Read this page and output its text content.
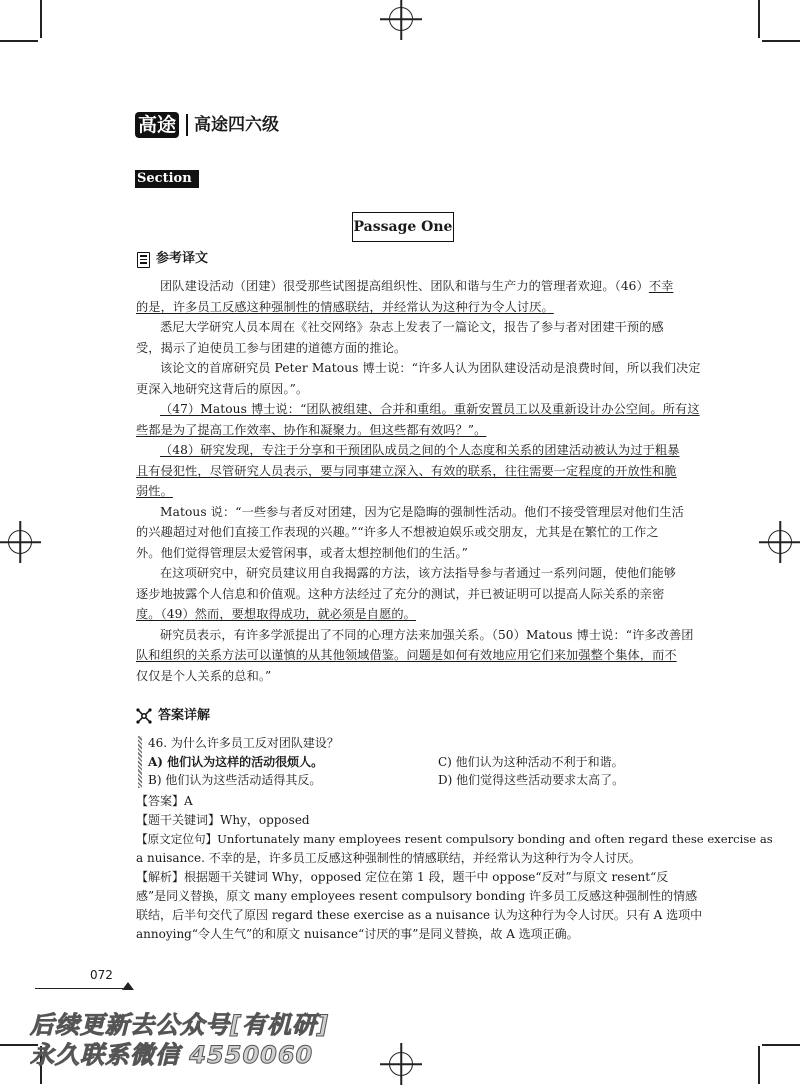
高途 高途四六级
Section C
Passage One
参考译文
团队建设活动（团建）很受那些试图提高组织性、团队和谐与生产力的管理者欢迎。（46）不幸
的是，许多员工反感这种强制性的情感联结，并经常认为这种行为令人讨厌。
悉尼大学研究人员本周在《社交网络》杂志上发表了一篇论文，报告了参与者对团建干预的感
受，揭示了迫使员工参与团建的道德方面的推论。
该论文的首席研究员 Peter Matous 博士说：“许多人认为团队建设活动是浪费时间，所以我们决定
更深入地研究这背后的原因。”。
（47）Matous 博士说：“团队被组建、合并和重组。重新安置员工以及重新设计办公空间。所有这
些都是为了提高工作效率、协作和凝聚力。但这些都有效吗？”。
（48）研究发现，专注于分享和干预团队成员之间的个人态度和关系的团建活动被认为过于粗暴
且有侵犯性，尽管研究人员表示，要与同事建立深入、有效的联系，往往需要一定程度的开放性和脆
弱性。
Matous 说：“一些参与者反对团建，因为它是隐晦的强制性活动。他们不接受管理层对他们生活
的兴趣超过对他们直接工作表现的兴趣。”“许多人不想被迫娱乐或交朋友，尤其是在繁忙的工作之
外。他们觉得管理层太爱管闲事，或者太想控制他们的生活。”
在这项研究中，研究员建议用自我揭露的方法，该方法指导参与者通过一系列问题，使他们能够
逐步地披露个人信息和价值观。这种方法经过了充分的测试，并已被证明可以提高人际关系的亲密
度。（49）然而，要想取得成功，就必须是自愿的。
研究员表示，有许多学派提出了不同的心理方法来加强关系。（50）Matous 博士说：“许多改善团
队和组织的关系方法可以谨慎的从其他领域借鉴。问题是如何有效地应用它们来加强整个集体，而不
仅仅是个人关系的总和。”
答案详解
46. 为什么许多员工反对团队建设？
A) 他们认为这样的活动很烦人。
B) 他们认为这些活动适得其反。
C) 他们认为这种活动不利于和谐。
D) 他们觉得这些活动要求太高了。
【答案】A
【题干关键词】Why，opposed
【原文定位句】Unfortunately many employees resent compulsory bonding and often regard these exercise as
a nuisance. 不幸的是，许多员工反感这种强制性的情感联结，并经常认为这种行为令人讨厌。
【解析】根据题干关键词 Why，opposed 定位在第 1 段，题干中 oppose“反对”与原文 resent“反
感”是同义替换，原文 many employees resent compulsory bonding 许多员工反感这种强制性的情感
联结，后半句交代了原因 regard these exercise as a nuisance 认为这种行为令人讨厌。只有 A 选项中
annoying“令人生气”的和原文 nuisance“讨厌的事”是同义替换，故 A 选项正确。
072
后续更新去公众号[有机研]
永久联系微信 4550060
